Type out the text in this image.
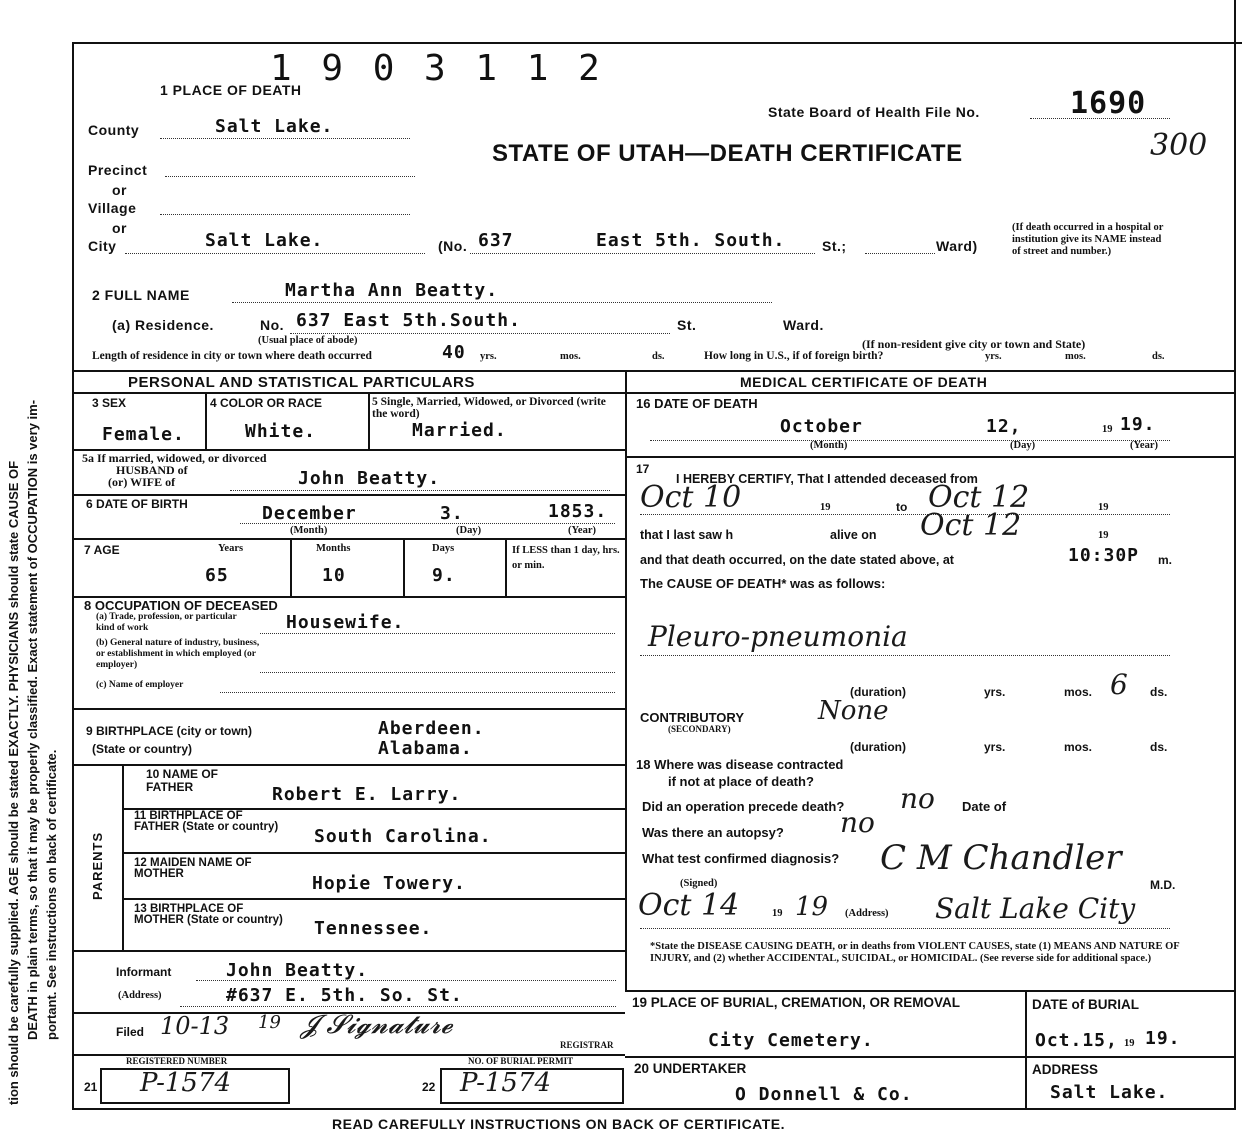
tion should be carefully supplied. AGE should be stated EXACTLY. PHYSICIANS should state CAUSE OF DEATH in plain terms, so that it may be properly classified. Exact statement of OCCUPATION is very im- portant. See instructions on back of certificate.
1 9 0 3 1 1 2
1 PLACE OF DEATH
State Board of Health File No.	1690
300
STATE OF UTAH—DEATH CERTIFICATE
County	Salt Lake.
Precinct
or
Village
or
City	Salt Lake.	(No. 637	East 5th. South.	St.;	Ward)
(If death occurred in a hospital or institution give its NAME instead of street and number.)
2 FULL NAME	Martha Ann Beatty.
(a) Residence.	No. 637 East 5th.South.	St.	Ward.
(Usual place of abode)	(If non-resident give city or town and State)
Length of residence in city or town where death occurred	40 yrs.	mos.	ds.	How long in U.S., if of foreign birth?	yrs.	mos.	ds.
PERSONAL AND STATISTICAL PARTICULARS	MEDICAL CERTIFICATE OF DEATH
3 SEX	4 COLOR OR RACE	5 Single, Married, Widowed, or Divorced (write the word)
Female.	White.	Married.
5a If married, widowed, or divorced
HUSBAND of
(or) WIFE of	John Beatty.
6 DATE OF BIRTH	December	3.	1853.
(Month)	(Day)	(Year)
7 AGE	Years	Months	Days	If LESS than 1 day, hrs. or min.
65	10	9.
8 OCCUPATION OF DECEASED
(a) Trade, profession, or particular kind of work	Housewife.
(b) General nature of industry, business, or establishment in which employed (or employer)
(c) Name of employer
9 BIRTHPLACE (city or town)	Aberdeen.
(State or country)	Alabama.
PARENTS
10 NAME OF FATHER	Robert E. Larry.
11 BIRTHPLACE OF FATHER (State or country)	South Carolina.
12 MAIDEN NAME OF MOTHER	Hopie Towery.
13 BIRTHPLACE OF MOTHER (State or country)	Tennessee.
Informant	John Beatty.
(Address)	#637 E. 5th. So. St.
Filed 10-13 19 𝓙 𝓢𝓲𝓰𝓷𝓪𝓽𝓾𝓻𝓮
REGISTRAR
REGISTERED NUMBER
P-1574
NO. OF BURIAL PERMIT
P-1574
21	22
16 DATE OF DEATH
October	12,	19 19.
(Month)	(Day)	(Year)
17
I HEREBY CERTIFY, That I attended deceased from
Oct 10	19	to Oct 12	19
that I last saw h	alive on Oct 12	19
and that death occurred, on the date stated above, at	10:30P m.
The CAUSE OF DEATH* was as follows:
Pleuro-pneumonia
(duration)	yrs.	mos. 6 ds.
CONTRIBUTORY
(SECONDARY)
None
(duration)	yrs.	mos.	ds.
18 Where was disease contracted
if not at place of death?
Did an operation precede death? no Date of
Was there an autopsy? no
What test confirmed diagnosis? C M Chandler
M.D.
(Signed)
Oct 14	19 19 (Address) Salt Lake City
*State the DISEASE CAUSING DEATH, or in deaths from VIOLENT CAUSES, state (1) MEANS AND NATURE OF INJURY, and (2) whether ACCIDENTAL, SUICIDAL, or HOMICIDAL. (See reverse side for additional space.)
19 PLACE OF BURIAL, CREMATION, OR REMOVAL	DATE of BURIAL
City Cemetery.	Oct.15, 19 19.
20 UNDERTAKER
O Donnell & Co.
ADDRESS
Salt Lake.
READ CAREFULLY INSTRUCTIONS ON BACK OF CERTIFICATE.
